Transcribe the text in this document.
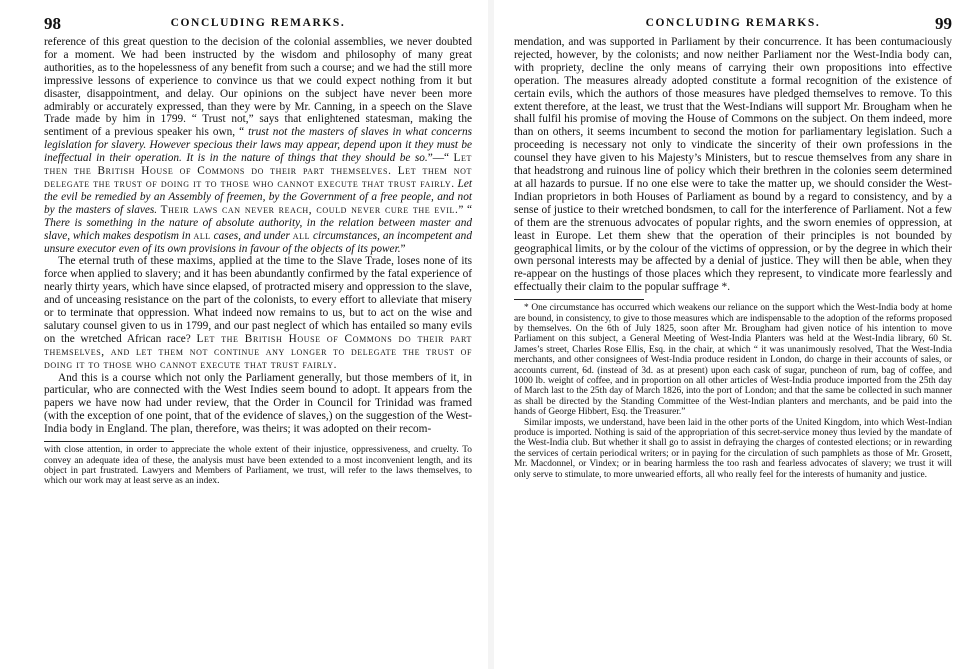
98	CONCLUDING REMARKS.

reference of this great question to the decision of the colonial assemblies, we never doubted for a moment. We had been instructed by the wisdom and philosophy of many great authorities, as to the hopelessness of any benefit from such a course; and we had the still more impressive lessons of experience to convince us that we could expect nothing from it but disaster, disappointment, and delay. Our opinions on the subject have never been more admirably or accurately expressed, than they were by Mr. Canning, in a speech on the Slave Trade made by him in 1799. “ Trust not,” says that enlightened statesman, making the sentiment of a previous speaker his own, “ trust not the masters of slaves in what concerns legislation for slavery. However specious their laws may appear, depend upon it they must be ineffectual in their operation. It is in the nature of things that they should be so.”—“ Let then the British House of Commons do their part themselves. Let them not delegate the trust of doing it to those who cannot execute that trust fairly. Let the evil be remedied by an Assembly of freemen, by the Government of a free people, and not by the masters of slaves. Their laws can never reach, could never cure the evil.” “ There is something in the nature of absolute authority, in the relation between master and slave, which makes despotism in all cases, and under all circumstances, an incompetent and unsure executor even of its own provisions in favour of the objects of its power.”

The eternal truth of these maxims, applied at the time to the Slave Trade, loses none of its force when applied to slavery; and it has been abundantly confirmed by the fatal experience of nearly thirty years, which have since elapsed, of protracted misery and oppression to the slave, and of unceasing resistance on the part of the colonists, to every effort to alleviate that misery or to terminate that oppression. What indeed now remains to us, but to act on the wise and salutary counsel given to us in 1799, and our past neglect of which has entailed so many evils on the wretched African race? Let the British House of Commons do their part themselves, and let them not continue any longer to delegate the trust of doing it to those who cannot execute that trust fairly.

And this is a course which not only the Parliament generally, but those members of it, in particular, who are connected with the West Indies seem bound to adopt. It appears from the papers we have now had under review, that the Order in Council for Trinidad was framed (with the exception of one point, that of the evidence of slaves,) on the suggestion of the West-India body in England. The plan, therefore, was theirs; it was adopted on their recom-

with close attention, in order to appreciate the whole extent of their injustice, oppressiveness, and cruelty. To convey an adequate idea of these, the analysis must have been extended to a most inconvenient length, and its object in part frustrated. Lawyers and Members of Parliament, we trust, will refer to the laws themselves, to which our work may at least serve as an index.

CONCLUDING REMARKS.	99

mendation, and was supported in Parliament by their concurrence. It has been contumaciously rejected, however, by the colonists; and now neither Parliament nor the West-India body can, with propriety, decline the only means of carrying their own propositions into effective operation. The measures already adopted constitute a formal recognition of the existence of certain evils, which the authors of those measures have pledged themselves to remove. To this extent therefore, at the least, we trust that the West-Indians will support Mr. Brougham when he shall fulfil his promise of moving the House of Commons on the subject. On them indeed, more than on others, it seems incumbent to second the motion for parliamentary legislation. Such a proceeding is necessary not only to vindicate the sincerity of their own professions in the counsel they have given to his Majesty’s Ministers, but to rescue themselves from any share in that headstrong and ruinous line of policy which their brethren in the colonies seem determined at all hazards to pursue. If no one else were to take the matter up, we should consider the West-Indian proprietors in both Houses of Parliament as bound by a regard to consistency, and by a sense of justice to their wretched bondsmen, to call for the interference of Parliament. Not a few of them are the strenuous advocates of popular rights, and the sworn enemies of oppression, at least in Europe. Let them shew that the operation of their principles is not bounded by geographical limits, or by the colour of the victims of oppression, or by the degree in which their own personal interests may be affected by a denial of justice. They will then be able, when they re-appear on the hustings of those places which they represent, to vindicate more fearlessly and effectually their claim to the popular suffrage *.

* One circumstance has occurred which weakens our reliance on the support which the West-India body at home are bound, in consistency, to give to those measures which are indispensable to the adoption of the reforms proposed by themselves. On the 6th of July 1825, soon after Mr. Brougham had given notice of his intention to move Parliament on this subject, a General Meeting of West-India Planters was held at the West-India library, 60 St. James’s street, Charles Rose Ellis, Esq. in the chair, at which “ it was unanimously resolved, That the West-India merchants, and other consignees of West-India produce resident in London, do charge in their accounts of sales, or accounts current, 6d. (instead of 3d. as at present) upon each cask of sugar, puncheon of rum, bag of coffee, and 1000 lb. weight of coffee, and in proportion on all other articles of West-India produce imported from the 25th day of March last to the 25th day of March 1826, into the port of London; and that the same be collected in such manner as shall be directed by the Standing Committee of the West-Indian planters and merchants, and be paid into the hands of George Hibbert, Esq. the Treasurer.”

Similar imposts, we understand, have been laid in the other ports of the United Kingdom, into which West-Indian produce is imported. Nothing is said of the appropriation of this secret-service money thus levied by the mandate of the West-India club. But whether it shall go to assist in defraying the charges of contested elections; or in rewarding the services of certain periodical writers; or in paying for the circulation of such pamphlets as those of Mr. Grosett, Mr. Macdonnel, or Vindex; or in bearing harmless the too rash and fearless advocates of slavery; we trust it will only serve to stimulate, to more unwearied efforts, all who really feel for the interests of humanity and justice.
